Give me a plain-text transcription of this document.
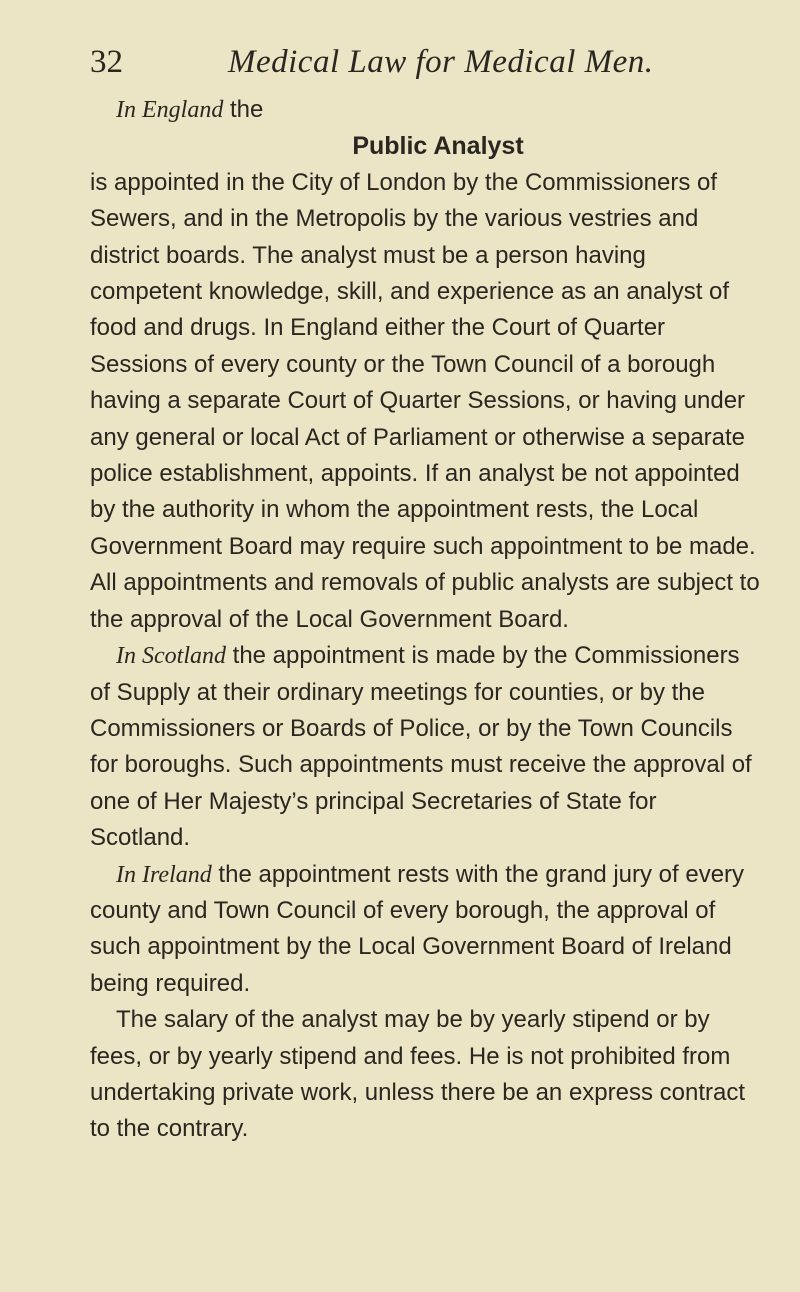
32	Medical Law for Medical Men.

In England the

Public Analyst

is appointed in the City of London by the Commissioners of Sewers, and in the Metropolis by the various vestries and district boards. The analyst must be a person having competent knowledge, skill, and experience as an analyst of food and drugs. In England either the Court of Quarter Sessions of every county or the Town Council of a borough having a separate Court of Quarter Sessions, or having under any general or local Act of Parliament or otherwise a separate police establishment, appoints. If an analyst be not appointed by the authority in whom the appointment rests, the Local Government Board may require such appointment to be made. All appointments and removals of public analysts are subject to the approval of the Local Government Board.

In Scotland the appointment is made by the Commissioners of Supply at their ordinary meetings for counties, or by the Commissioners or Boards of Police, or by the Town Councils for boroughs. Such appointments must receive the approval of one of Her Majesty’s principal Secretaries of State for Scotland.

In Ireland the appointment rests with the grand jury of every county and Town Council of every borough, the approval of such appointment by the Local Government Board of Ireland being required.

The salary of the analyst may be by yearly stipend or by fees, or by yearly stipend and fees. He is not prohibited from undertaking private work, unless there be an express contract to the contrary.
